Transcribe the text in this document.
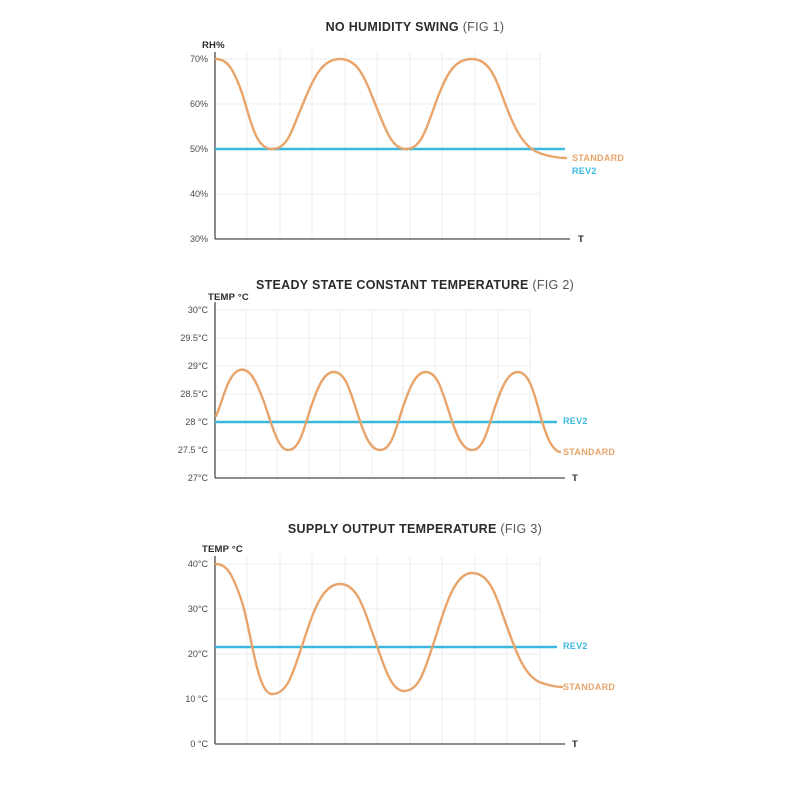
NO HUMIDITY SWING (FIG 1)

RH%
T
70%
60%
50%
40%
30%
STANDARD
REV2

STEADY STATE CONSTANT TEMPERATURE (FIG 2)

TEMP °C
T
30°C
29.5°C
29°C
28.5°C
28 °C
27.5 °C
27°C
REV2
STANDARD

SUPPLY OUTPUT TEMPERATURE (FIG 3)

TEMP °C
T
40°C
30°C
20°C
10 °C
0 °C
REV2
STANDARD
